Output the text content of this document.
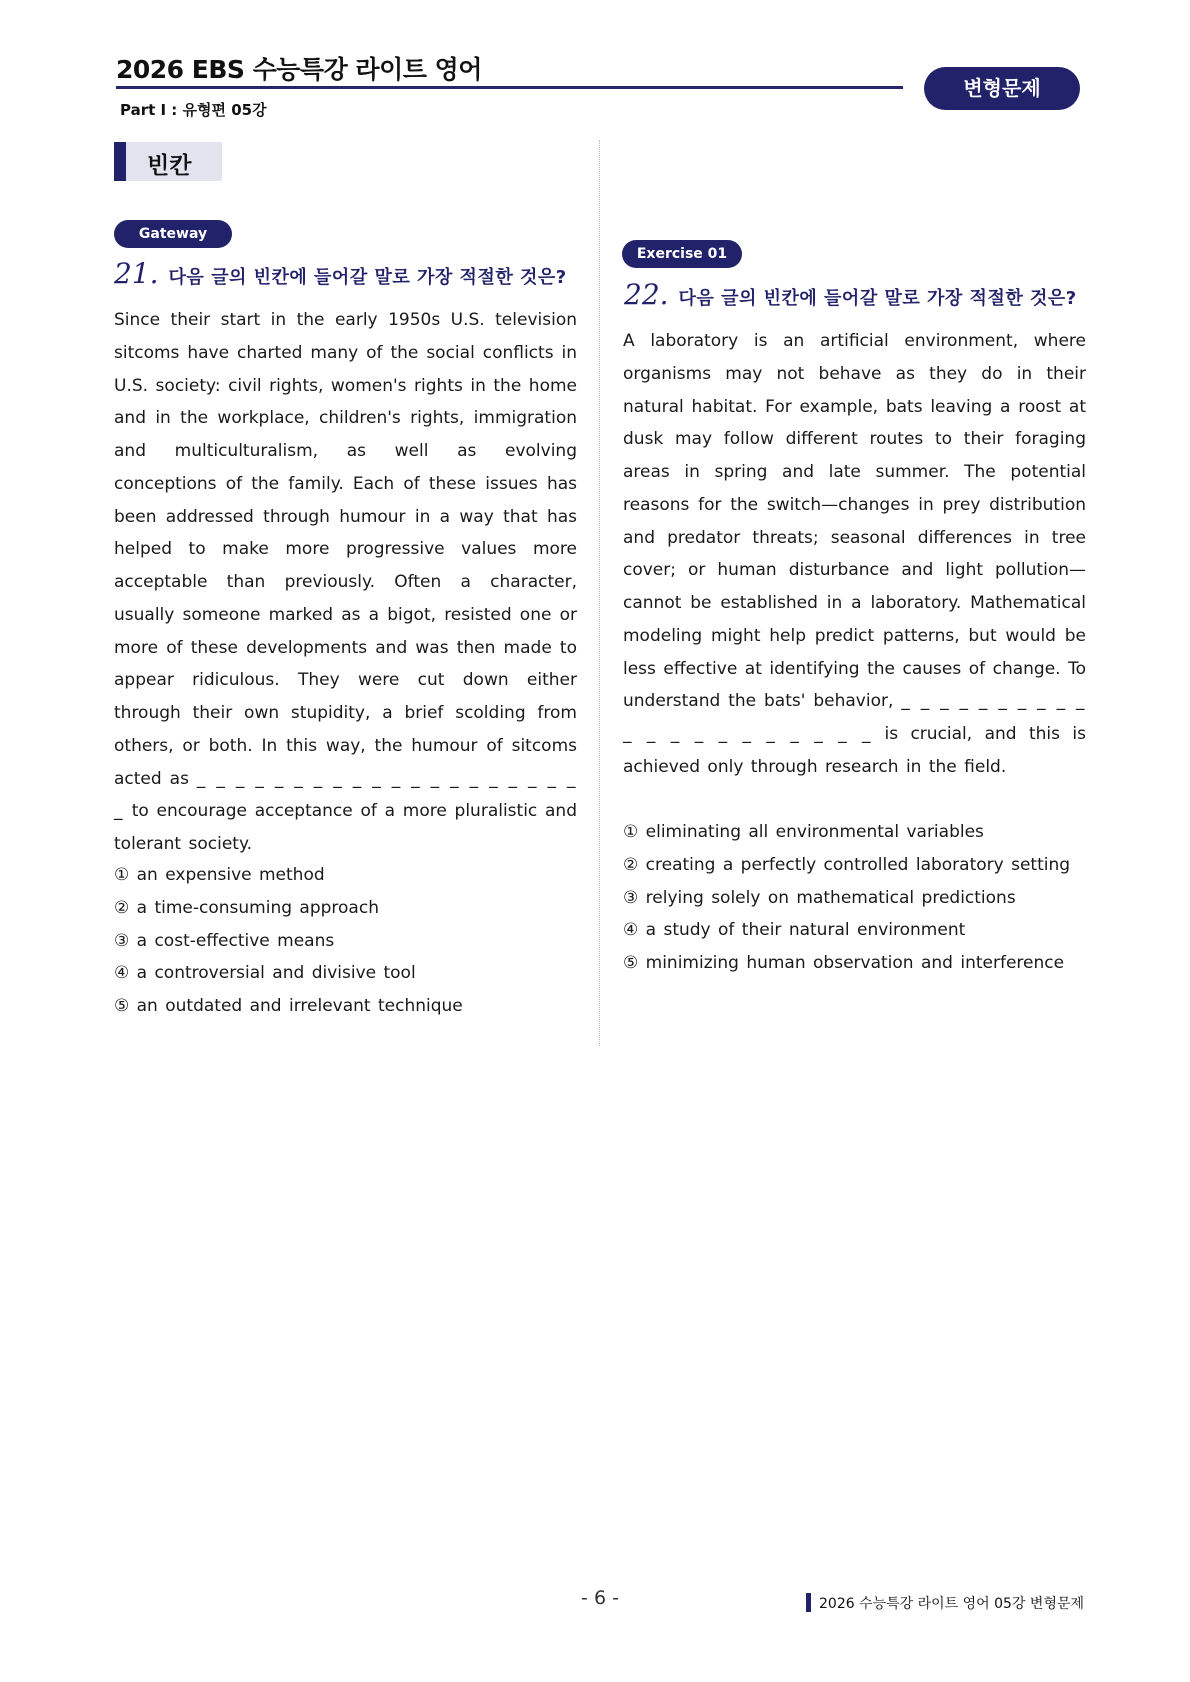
2026 EBS 수능특강 라이트 영어
Part Ⅰ : 유형편 05강
변형문제
빈칸
Gateway
21. 다음 글의 빈칸에 들어갈 말로 가장 적절한 것은?
Since their start in the early 1950s U.S. television sitcoms have charted many of the social conflicts in U.S. society: civil rights, women's rights in the home and in the workplace, children's rights, immigration and multiculturalism, as well as evolving conceptions of the family. Each of these issues has been addressed through humour in a way that has helped to make more progressive values more acceptable than previously. Often a character, usually someone marked as a bigot, resisted one or more of these developments and was then made to appear ridiculous. They were cut down either through their own stupidity, a brief scolding from others, or both. In this way, the humour of sitcoms acted as _ _ _ _ _ _ _ _ _ _ _ _ _ _ _ _ _ _ _ _ _ to encourage acceptance of a more pluralistic and tolerant society.
① an expensive method
② a time-consuming approach
③ a cost-effective means
④ a controversial and divisive tool
⑤ an outdated and irrelevant technique
Exercise 01
22. 다음 글의 빈칸에 들어갈 말로 가장 적절한 것은?
A laboratory is an artificial environment, where organisms may not behave as they do in their natural habitat. For example, bats leaving a roost at dusk may follow different routes to their foraging areas in spring and late summer. The potential reasons for the switch—changes in prey distribution and predator threats; seasonal differences in tree cover; or human disturbance and light pollution—cannot be established in a laboratory. Mathematical modeling might help predict patterns, but would be less effective at identifying the causes of change. To understand the bats' behavior, _ _ _ _ _ _ _ _ _ _ _ _ _ _ _ _ _ _ _ _ _ is crucial, and this is achieved only through research in the field.
① eliminating all environmental variables
② creating a perfectly controlled laboratory setting
③ relying solely on mathematical predictions
④ a study of their natural environment
⑤ minimizing human observation and interference
- 6 -	2026 수능특강 라이트 영어 05강 변형문제
